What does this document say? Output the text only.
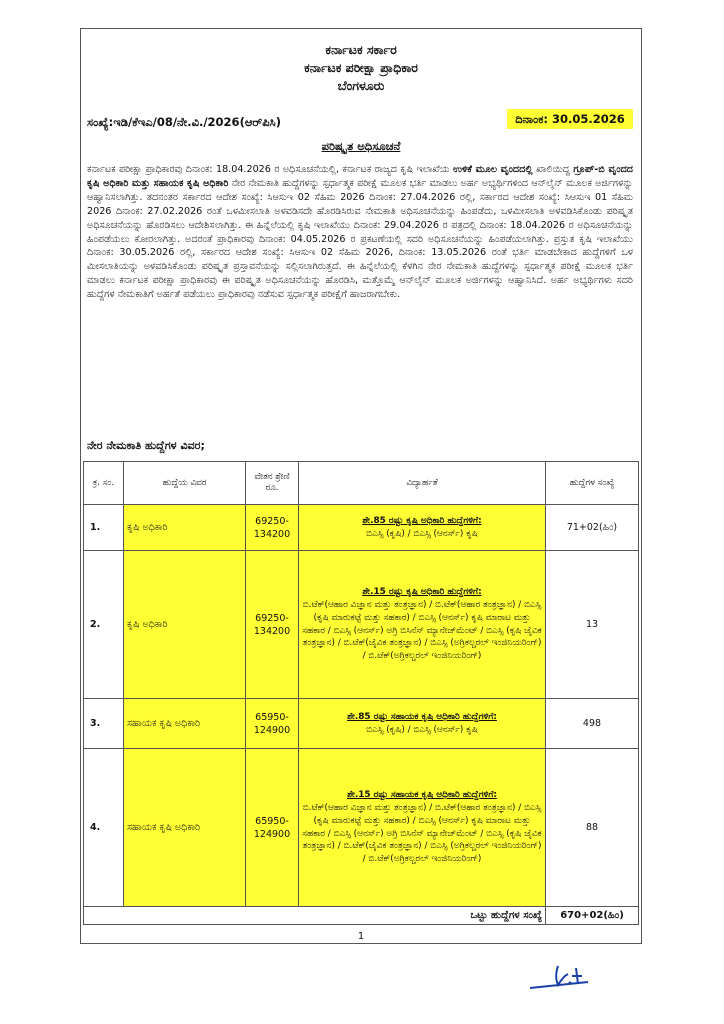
ಕರ್ನಾಟಕ ಸರ್ಕಾರ
ಕರ್ನಾಟಕ ಪರೀಕ್ಷಾ ಪ್ರಾಧಿಕಾರ
ಬೆಂಗಳೂರು
ಸಂಖ್ಯೆ:ಇಡಿ/ಕೆಇಎ/08/ನೇ.ವಿ./2026(ಆರ್‌ಪಿಸಿ)	ದಿನಾಂಕ: 30.05.2026
ಪರಿಷ್ಕೃತ ಅಧಿಸೂಚನೆ
ಕರ್ನಾಟಕ ಪರೀಕ್ಷಾ ಪ್ರಾಧಿಕಾರವು ದಿನಾಂಕ: 18.04.2026 ರ ಅಧಿಸೂಚನೆಯಲ್ಲಿ, ಕರ್ನಾಟಕ ರಾಜ್ಯದ ಕೃಷಿ ಇಲಾಖೆಯ ಉಳಿಕೆ ಮೂಲ ವೃಂದದಲ್ಲಿ ಖಾಲಿಯಿದ್ದ ಗ್ರೂಪ್-ಬಿ ವೃಂದದ ಕೃಷಿ ಅಧಿಕಾರಿ ಮತ್ತು ಸಹಾಯಕ ಕೃಷಿ ಅಧಿಕಾರಿ ನೇರ ನೇಮಕಾತಿ ಹುದ್ದೆಗಳನ್ನು ಸ್ಪರ್ಧಾತ್ಮಕ ಪರೀಕ್ಷೆ ಮೂಲಕ ಭರ್ತಿ ಮಾಡಲು ಅರ್ಹ ಅಭ್ಯರ್ಥಿಗಳಿಂದ ಆನ್‌ಲೈನ್ ಮೂಲಕ ಅರ್ಜಿಗಳನ್ನು ಆಹ್ವಾನಿಸಲಾಗಿತ್ತು. ತದನಂತರ ಸರ್ಕಾರದ ಆದೇಶ ಸಂಖ್ಯೆ: ಸಿಆಸುಇ 02 ಸೆಹಿಮ 2026 ದಿನಾಂಕ: 27.04.2026 ರಲ್ಲಿ, ಸರ್ಕಾರದ ಆದೇಶ ಸಂಖ್ಯೆ: ಸಿಆಸುಇ 01 ಸೆಹಿಮ 2026 ದಿನಾಂಕ: 27.02.2026 ರಂತೆ ಒಳಮೀಸಲಾತಿ ಅಳವಡಿಸದೇ ಹೊರಡಿಸಿರುವ ನೇಮಕಾತಿ ಅಧಿಸೂಚನೆಯನ್ನು ಹಿಂಪಡೆದು, ಒಳಮೀಸಲಾತಿ ಅಳವಡಿಸಿಕೊಂಡು ಪರಿಷ್ಕೃತ ಅಧಿಸೂಚನೆಯನ್ನು ಹೊರಡಿಸಲು ಆದೇಶಿಸಲಾಗಿತ್ತು. ಈ ಹಿನ್ನೆಲೆಯಲ್ಲಿ ಕೃಷಿ ಇಲಾಖೆಯು ದಿನಾಂಕ: 29.04.2026 ರ ಪತ್ರದಲ್ಲಿ ದಿನಾಂಕ: 18.04.2026 ರ ಅಧಿಸೂಚನೆಯನ್ನು ಹಿಂಪಡೆಯಲು ಕೋರಲಾಗಿತ್ತು. ಅದರಂತೆ ಪ್ರಾಧಿಕಾರವು ದಿನಾಂಕ: 04.05.2026 ರ ಪ್ರಕಟಣೆಯಲ್ಲಿ ಸದರಿ ಅಧಿಸೂಚನೆಯನ್ನು ಹಿಂಪಡೆಯಲಾಗಿತ್ತು. ಪ್ರಸ್ತುತ ಕೃಷಿ ಇಲಾಖೆಯು ದಿನಾಂಕ: 30.05.2026 ರಲ್ಲಿ, ಸರ್ಕಾರದ ಆದೇಶ ಸಂಖ್ಯೆ: ಸಿಆಸುಇ 02 ಸೆಹಿಮ 2026, ದಿನಾಂಕ: 13.05.2026 ರಂತೆ ಭರ್ತಿ ಮಾಡಬೇಕಾದ ಹುದ್ದೆಗಳಿಗೆ ಒಳ ಮೀಸಲಾತಿಯನ್ನು ಅಳವಡಿಸಿಕೊಂಡು ಪರಿಷ್ಕೃತ ಪ್ರಸ್ತಾವನೆಯನ್ನು ಸಲ್ಲಿಸಲಾಗಿರುತ್ತದೆ. ಈ ಹಿನ್ನೆಲೆಯಲ್ಲಿ ಕೆಳಗಿನ ನೇರ ನೇಮಕಾತಿ ಹುದ್ದೆಗಳನ್ನು ಸ್ಪರ್ಧಾತ್ಮಕ ಪರೀಕ್ಷೆ ಮೂಲಕ ಭರ್ತಿ ಮಾಡಲು ಕರ್ನಾಟಕ ಪರೀಕ್ಷಾ ಪ್ರಾಧಿಕಾರವು ಈ ಪರಿಷ್ಕೃತ ಅಧಿಸೂಚನೆಯನ್ನು ಹೊರಡಿಸಿ, ಮತ್ತೊಮ್ಮೆ ಆನ್‌ಲೈನ್ ಮೂಲಕ ಅರ್ಜಿಗಳನ್ನು ಆಹ್ವಾನಿಸಿದೆ. ಅರ್ಹ ಅಭ್ಯರ್ಥಿಗಳು ಸದರಿ ಹುದ್ದೆಗಳ ನೇಮಕಾತಿಗೆ ಅರ್ಹತೆ ಪಡೆಯಲು ಪ್ರಾಧಿಕಾರವು ನಡೆಸುವ ಸ್ಪರ್ಧಾತ್ಮಕ ಪರೀಕ್ಷೆಗೆ ಹಾಜರಾಗಬೇಕು.
ನೇರ ನೇಮಕಾತಿ ಹುದ್ದೆಗಳ ವಿವರ;
ಕ್ರ. ಸಂ.	ಹುದ್ದೆಯ ವಿವರ	ವೇತನ ಶ್ರೇಣಿ ರೂ.	ವಿದ್ಯಾರ್ಹತೆ	ಹುದ್ದೆಗಳ ಸಂಖ್ಯೆ
1.	ಕೃಷಿ ಅಧಿಕಾರಿ	69250-134200	ಶೇ.85 ರಷ್ಟು ಕೃಷಿ ಅಧಿಕಾರಿ ಹುದ್ದೆಗಳಿಗೆ:
ಬಿಎಸ್ಸಿ (ಕೃಷಿ) / ಬಿಎಸ್ಸಿ (ಆನರ್ಸ್) ಕೃಷಿ	71+02(ಹಿಂ)
2.	ಕೃಷಿ ಅಧಿಕಾರಿ	69250-134200	ಶೇ.15 ರಷ್ಟು ಕೃಷಿ ಅಧಿಕಾರಿ ಹುದ್ದೆಗಳಿಗೆ:
ಬಿ.ಟೆಕ್(ಆಹಾರ ವಿಜ್ಞಾನ ಮತ್ತು ತಂತ್ರಜ್ಞಾನ) / ಬಿ.ಟೆಕ್(ಆಹಾರ ತಂತ್ರಜ್ಞಾನ) / ಬಿಎಸ್ಸಿ (ಕೃಷಿ ಮಾರುಕಟ್ಟೆ ಮತ್ತು ಸಹಕಾರ) / ಬಿಎಸ್ಸಿ (ಆನರ್ಸ್) ಕೃಷಿ ಮಾರಾಟ ಮತ್ತು ಸಹಕಾರ / ಬಿಎಸ್ಸಿ (ಆನರ್ಸ್) ಅಗ್ರಿ ಬಿಸಿನೆಸ್ ಮ್ಯಾನೇಜ್‌ಮೆಂಟ್ / ಬಿಎಸ್ಸಿ (ಕೃಷಿ ಜೈವಿಕ ತಂತ್ರಜ್ಞಾನ) / ಬಿ.ಟೆಕ್(ಜೈವಿಕ ತಂತ್ರಜ್ಞಾನ) / ಬಿಎಸ್ಸಿ (ಅಗ್ರಿಕಲ್ಚರಲ್ ಇಂಜಿನಿಯರಿಂಗ್) / ಬಿ.ಟೆಕ್(ಅಗ್ರಿಕಲ್ಚರಲ್ ಇಂಜಿನಿಯರಿಂಗ್)	13
3.	ಸಹಾಯಕ ಕೃಷಿ ಅಧಿಕಾರಿ	65950-124900	ಶೇ.85 ರಷ್ಟು ಸಹಾಯಕ ಕೃಷಿ ಅಧಿಕಾರಿ ಹುದ್ದೆಗಳಿಗೆ:
ಬಿಎಸ್ಸಿ (ಕೃಷಿ) / ಬಿಎಸ್ಸಿ (ಆನರ್ಸ್) ಕೃಷಿ	498
4.	ಸಹಾಯಕ ಕೃಷಿ ಅಧಿಕಾರಿ	65950-124900	ಶೇ.15 ರಷ್ಟು ಸಹಾಯಕ ಕೃಷಿ ಅಧಿಕಾರಿ ಹುದ್ದೆಗಳಿಗೆ:
ಬಿ.ಟೆಕ್(ಆಹಾರ ವಿಜ್ಞಾನ ಮತ್ತು ತಂತ್ರಜ್ಞಾನ) / ಬಿ.ಟೆಕ್(ಆಹಾರ ತಂತ್ರಜ್ಞಾನ) / ಬಿಎಸ್ಸಿ (ಕೃಷಿ ಮಾರುಕಟ್ಟೆ ಮತ್ತು ಸಹಕಾರ) / ಬಿಎಸ್ಸಿ (ಆನರ್ಸ್) ಕೃಷಿ ಮಾರಾಟ ಮತ್ತು ಸಹಕಾರ / ಬಿಎಸ್ಸಿ (ಆನರ್ಸ್) ಅಗ್ರಿ ಬಿಸಿನೆಸ್ ಮ್ಯಾನೇಜ್‌ಮೆಂಟ್ / ಬಿಎಸ್ಸಿ (ಕೃಷಿ ಜೈವಿಕ ತಂತ್ರಜ್ಞಾನ) / ಬಿ.ಟೆಕ್(ಜೈವಿಕ ತಂತ್ರಜ್ಞಾನ) / ಬಿಎಸ್ಸಿ (ಅಗ್ರಿಕಲ್ಚರಲ್ ಇಂಜಿನಿಯರಿಂಗ್) / ಬಿ.ಟೆಕ್(ಅಗ್ರಿಕಲ್ಚರಲ್ ಇಂಜಿನಿಯರಿಂಗ್)	88
ಒಟ್ಟು ಹುದ್ದೆಗಳ ಸಂಖ್ಯೆ				670+02(ಹಿಂ)
1
